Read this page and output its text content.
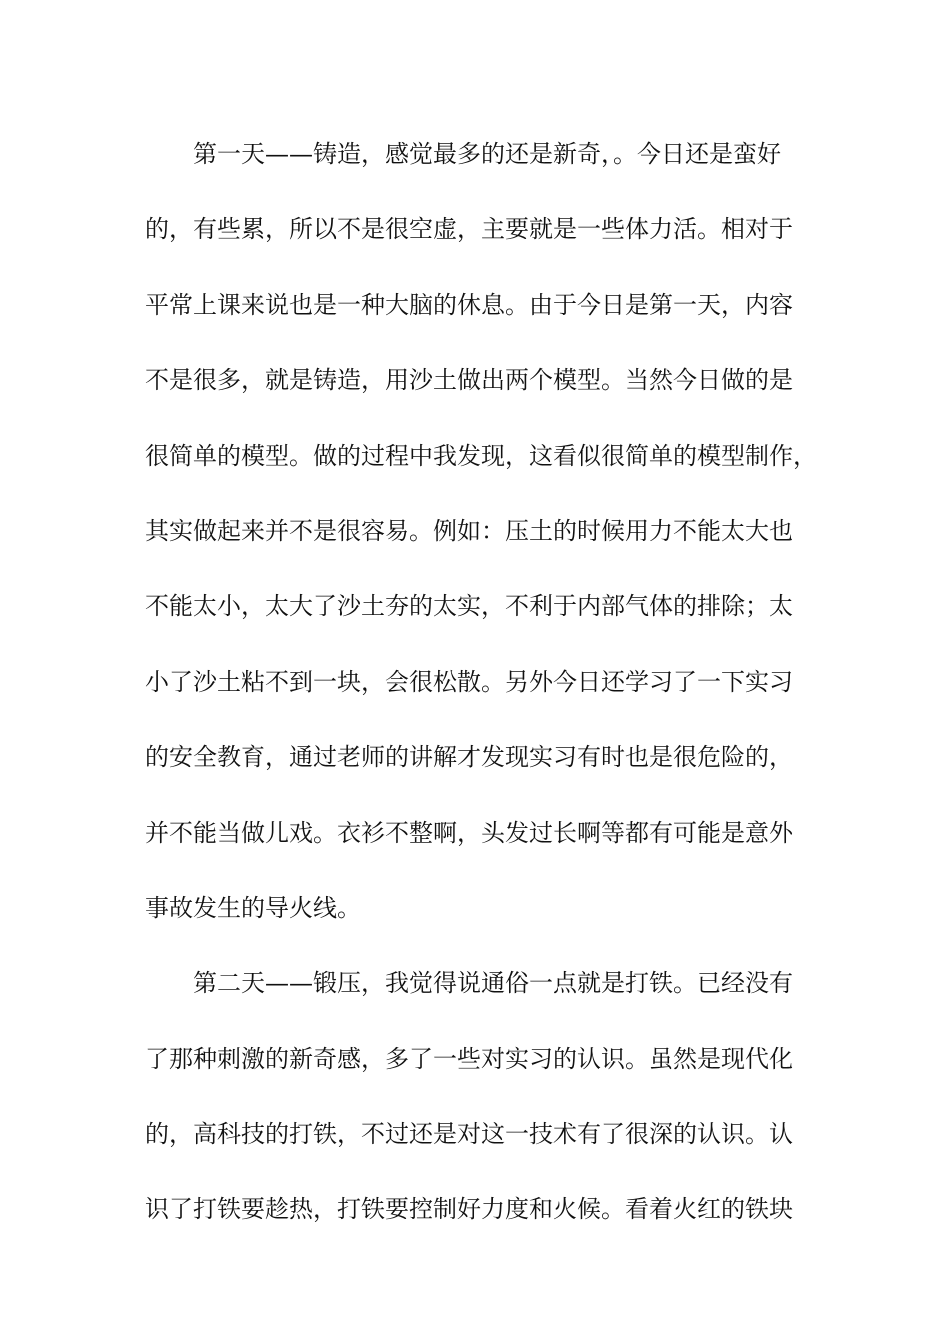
第一天——铸造，感觉最多的还是新奇，。今日还是蛮好
的，有些累，所以不是很空虚，主要就是一些体力活。相对于
平常上课来说也是一种大脑的休息。由于今日是第一天，内容
不是很多，就是铸造，用沙土做出两个模型。当然今日做的是
很简单的模型。做的过程中我发现，这看似很简单的模型制作，
其实做起来并不是很容易。例如：压土的时候用力不能太大也
不能太小，太大了沙土夯的太实，不利于内部气体的排除；太
小了沙土粘不到一块，会很松散。另外今日还学习了一下实习
的安全教育，通过老师的讲解才发现实习有时也是很危险的，
并不能当做儿戏。衣衫不整啊，头发过长啊等都有可能是意外
事故发生的导火线。
第二天——锻压，我觉得说通俗一点就是打铁。已经没有
了那种刺激的新奇感，多了一些对实习的认识。虽然是现代化
的，高科技的打铁，不过还是对这一技术有了很深的认识。认
识了打铁要趁热，打铁要控制好力度和火候。看着火红的铁块
